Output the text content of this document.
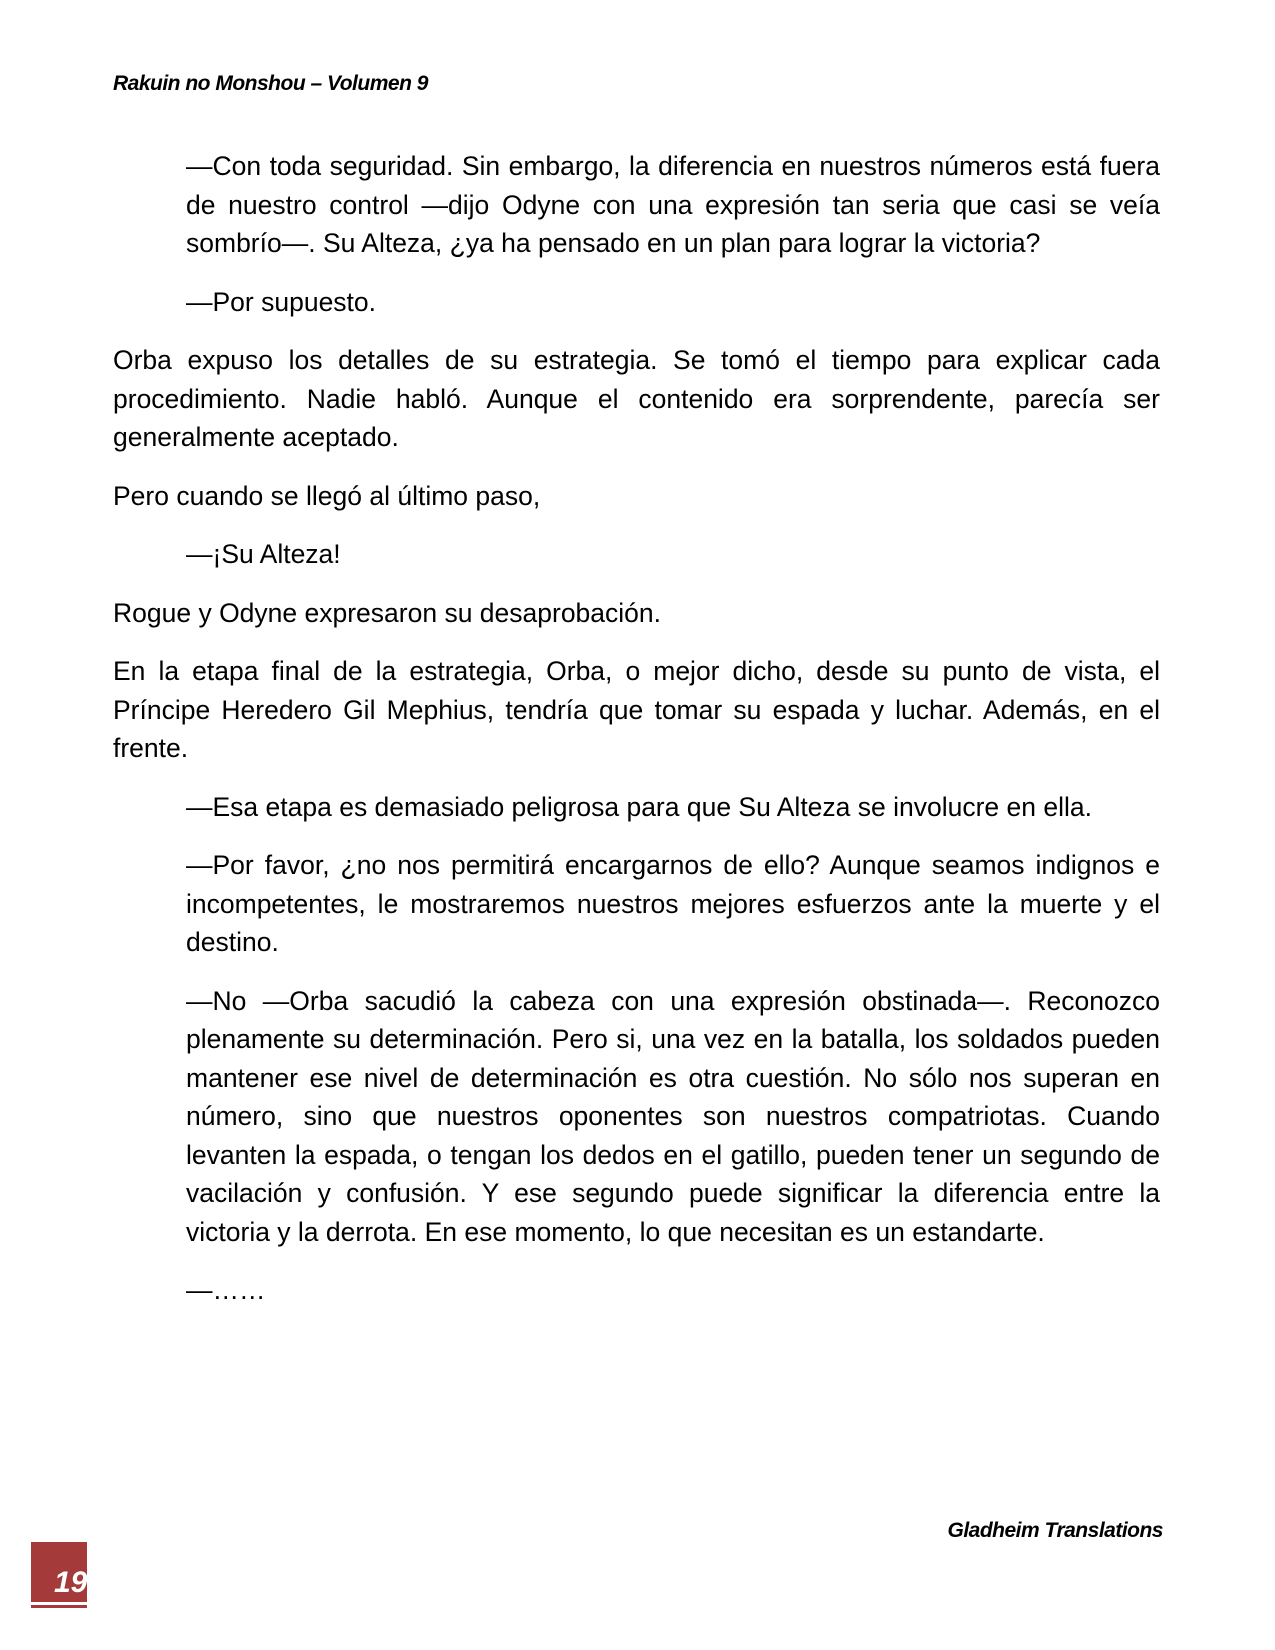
Rakuin no Monshou – Volumen 9

—Con toda seguridad. Sin embargo, la diferencia en nuestros números está fuera de nuestro control —dijo Odyne con una expresión tan seria que casi se veía sombrío—. Su Alteza, ¿ya ha pensado en un plan para lograr la victoria?

—Por supuesto.

Orba expuso los detalles de su estrategia. Se tomó el tiempo para explicar cada procedimiento. Nadie habló. Aunque el contenido era sorprendente, parecía ser generalmente aceptado.

Pero cuando se llegó al último paso,

—¡Su Alteza!

Rogue y Odyne expresaron su desaprobación.

En la etapa final de la estrategia, Orba, o mejor dicho, desde su punto de vista, el Príncipe Heredero Gil Mephius, tendría que tomar su espada y luchar. Además, en el frente.

—Esa etapa es demasiado peligrosa para que Su Alteza se involucre en ella.

—Por favor, ¿no nos permitirá encargarnos de ello? Aunque seamos indignos e incompetentes, le mostraremos nuestros mejores esfuerzos ante la muerte y el destino.

—No —Orba sacudió la cabeza con una expresión obstinada—. Reconozco plenamente su determinación. Pero si, una vez en la batalla, los soldados pueden mantener ese nivel de determinación es otra cuestión. No sólo nos superan en número, sino que nuestros oponentes son nuestros compatriotas. Cuando levanten la espada, o tengan los dedos en el gatillo, pueden tener un segundo de vacilación y confusión. Y ese segundo puede significar la diferencia entre la victoria y la derrota. En ese momento, lo que necesitan es un estandarte.

—……

Gladheim Translations
19
